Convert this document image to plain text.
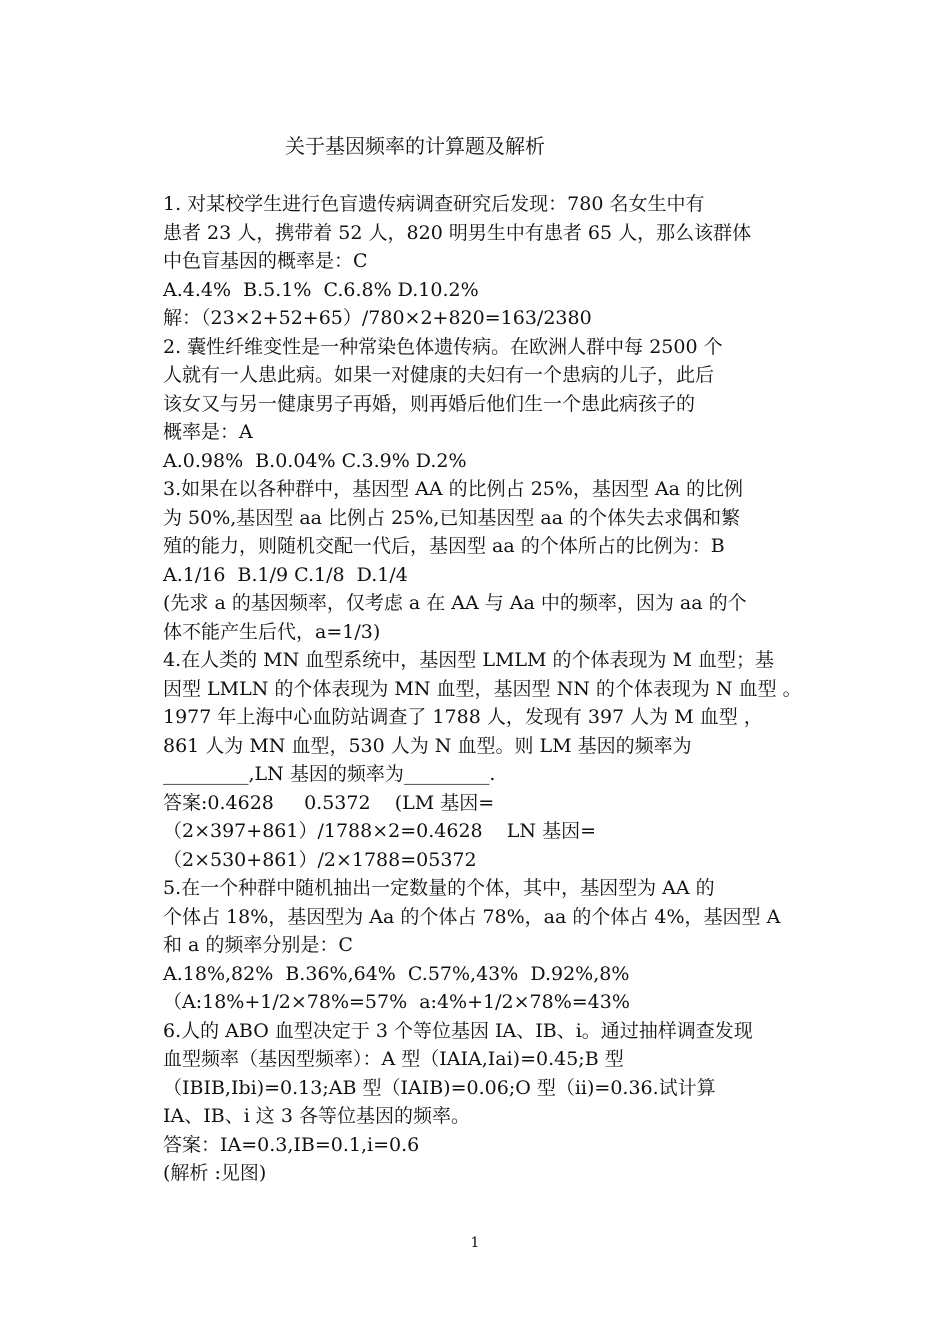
关于基因频率的计算题及解析
1. 对某校学生进行色盲遗传病调查研究后发现：780 名女生中有
患者 23 人，携带着 52 人，820 明男生中有患者 65 人，那么该群体
中色盲基因的概率是：C
A.4.4%  B.5.1%  C.6.8% D.10.2%
解：（23×2+52+65）/780×2+820=163/2380
2. 囊性纤维变性是一种常染色体遗传病。在欧洲人群中每 2500 个
人就有一人患此病。如果一对健康的夫妇有一个患病的儿子，此后
该女又与另一健康男子再婚，则再婚后他们生一个患此病孩子的
概率是：A
A.0.98%  B.0.04% C.3.9% D.2%
3.如果在以各种群中，基因型 AA 的比例占 25%，基因型 Aa 的比例
为 50%,基因型 aa 比例占 25%,已知基因型 aa 的个体失去求偶和繁
殖的能力，则随机交配一代后，基因型 aa 的个体所占的比例为：B
A.1/16  B.1/9 C.1/8  D.1/4
(先求 a 的基因频率，仅考虑 a 在 AA 与 Aa 中的频率，因为 aa 的个
体不能产生后代，a=1/3)
4.在人类的 MN 血型系统中，基因型 LMLM 的个体表现为 M 血型；基
因型 LMLN 的个体表现为 MN 血型，基因型 NN 的个体表现为 N 血型 。
1977 年上海中心血防站调查了 1788 人，发现有 397 人为 M 血型 ，
861 人为 MN 血型，530 人为 N 血型。则 LM 基因的频率为
_________,LN 基因的频率为_________.
答案:0.4628     0.5372    (LM 基因=
（2×397+861）/1788×2=0.4628    LN 基因=
（2×530+861）/2×1788=05372
5.在一个种群中随机抽出一定数量的个体，其中，基因型为 AA 的
个体占 18%，基因型为 Aa 的个体占 78%，aa 的个体占 4%，基因型 A
和 a 的频率分别是：C
A.18%,82%  B.36%,64%  C.57%,43%  D.92%,8%
（A:18%+1/2×78%=57%  a:4%+1/2×78%=43%
6.人的 ABO 血型决定于 3 个等位基因 IA、IB、i。通过抽样调查发现
血型频率（基因型频率）：A 型（IAIA,Iai)=0.45;B 型
（IBIB,Ibi)=0.13;AB 型（IAIB)=0.06;O 型（ii)=0.36.试计算
IA、IB、i 这 3 各等位基因的频率。
答案：IA=0.3,IB=0.1,i=0.6
(解析 :见图)
1
